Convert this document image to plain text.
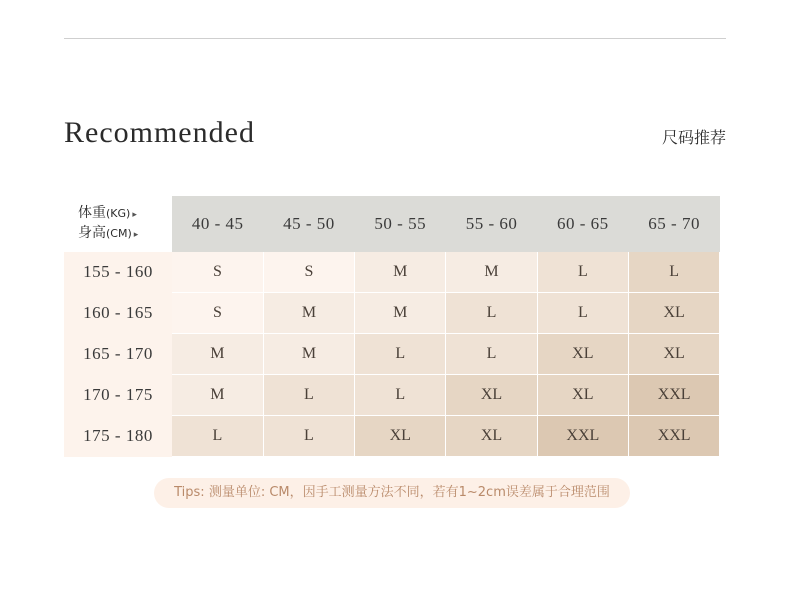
Recommended	尺码推荐
体重(KG) ▸
身高(CM) ▸	40 - 45	45 - 50	50 - 55	55 - 60	60 - 65	65 - 70
155 - 160	S	S	M	M	L	L
160 - 165	S	M	M	L	L	XL
165 - 170	M	M	L	L	XL	XL
170 - 175	M	L	L	XL	XL	XXL
175 - 180	L	L	XL	XL	XXL	XXL
Tips: 测量单位: CM，因手工测量方法不同，若有1~2cm误差属于合理范围
